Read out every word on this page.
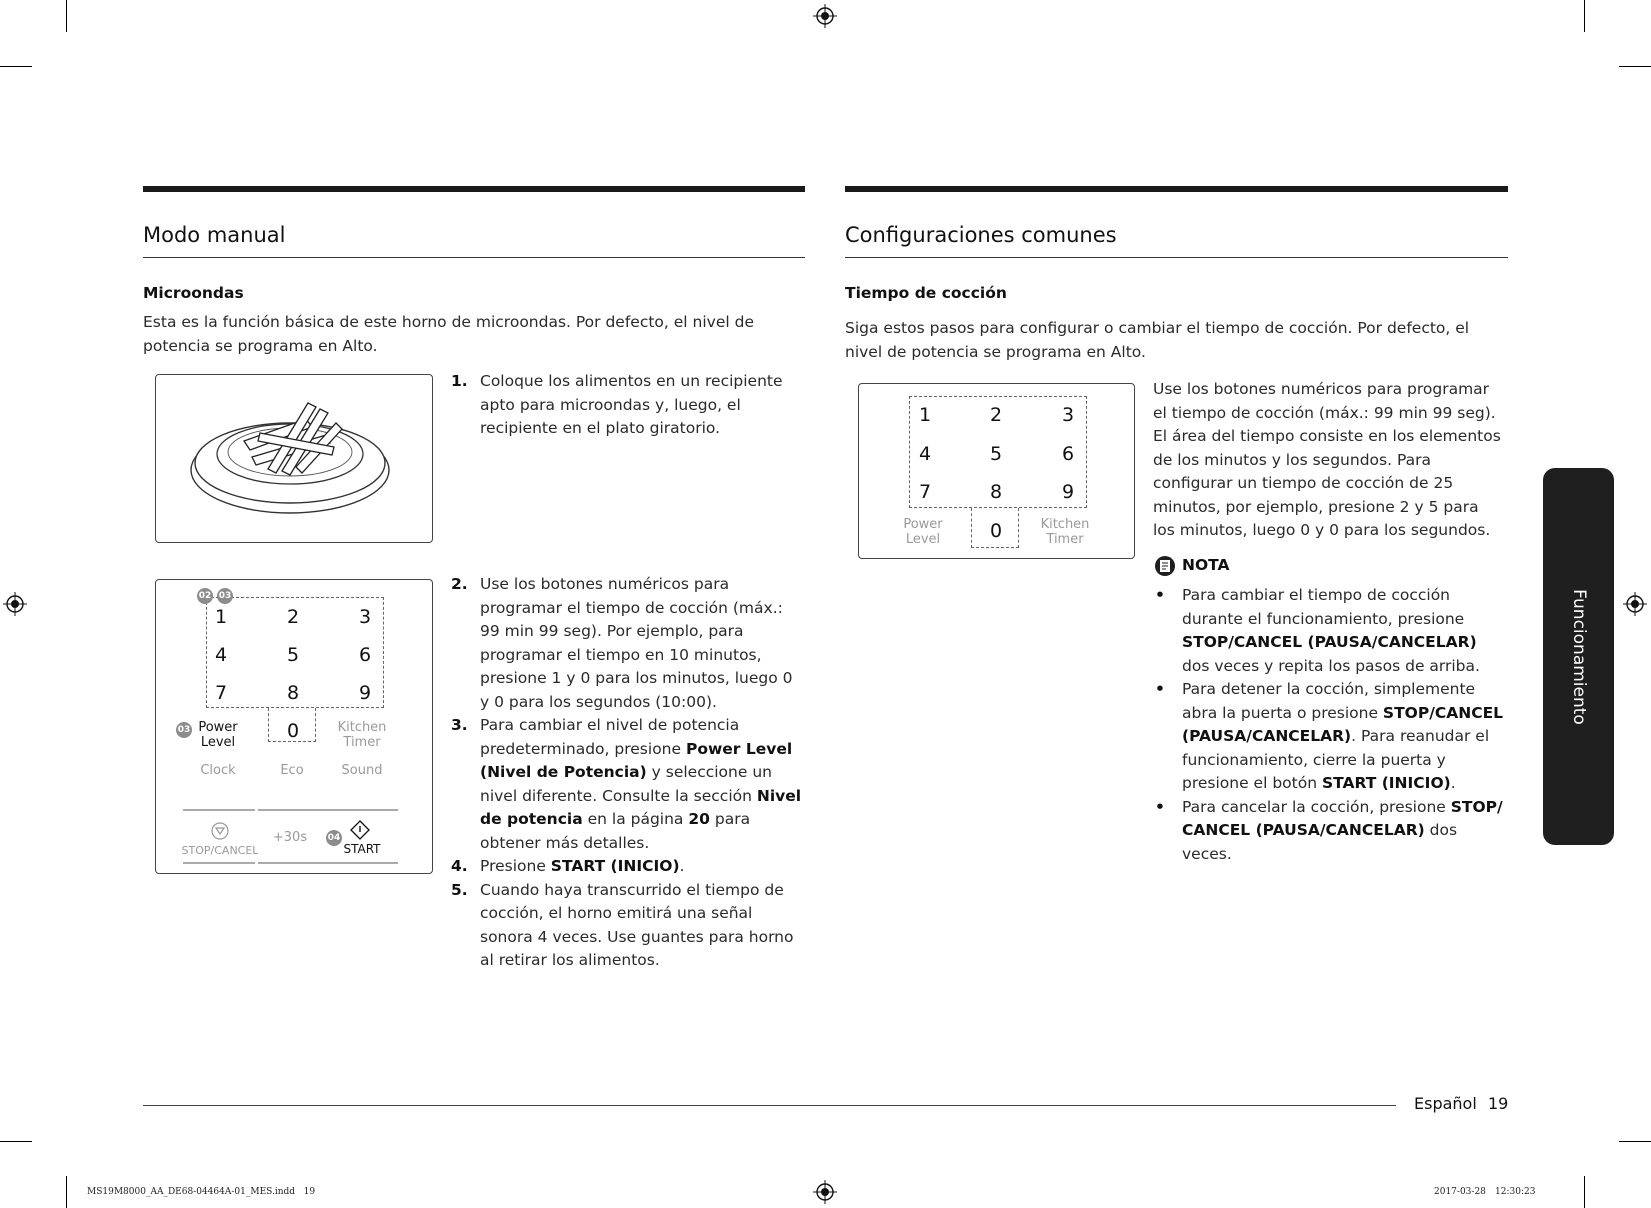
Modo manual

Microondas

Esta es la función básica de este horno de microondas. Por defecto, el nivel de potencia se programa en Alto.

02 03
1	2	3
4	5	6
7	8	9
0
03 Power
Level
Kitchen
Timer
Clock	Eco	Sound
STOP/CANCEL
+30s	04
START
1. Coloque los alimentos en un recipiente apto para microondas y, luego, el recipiente en el plato giratorio.
2. Use los botones numéricos para programar el tiempo de cocción (máx.: 99 min 99 seg). Por ejemplo, para programar el tiempo en 10 minutos, presione 1 y 0 para los minutos, luego 0 y 0 para los segundos (10:00).
3. Para cambiar el nivel de potencia predeterminado, presione Power Level (Nivel de Potencia) y seleccione un nivel diferente. Consulte la sección Nivel de potencia en la página 20 para obtener más detalles.
4. Presione START (INICIO).
5. Cuando haya transcurrido el tiempo de cocción, el horno emitirá una señal sonora 4 veces. Use guantes para horno al retirar los alimentos.
Configuraciones comunes

Tiempo de cocción

Siga estos pasos para configurar o cambiar el tiempo de cocción. Por defecto, el nivel de potencia se programa en Alto.

1	2	3
4	5	6
7	8	9
0
Power
Level
Kitchen
Timer

Use los botones numéricos para programar el tiempo de cocción (máx.: 99 min 99 seg). El área del tiempo consiste en los elementos de los minutos y los segundos. Para configurar un tiempo de cocción de 25 minutos, por ejemplo, presione 2 y 5 para los minutos, luego 0 y 0 para los segundos.

NOTA
• Para cambiar el tiempo de cocción durante el funcionamiento, presione STOP/CANCEL (PAUSA/CANCELAR) dos veces y repita los pasos de arriba.
• Para detener la cocción, simplemente abra la puerta o presione STOP/CANCEL (PAUSA/CANCELAR). Para reanudar el funcionamiento, cierre la puerta y presione el botón START (INICIO).
• Para cancelar la cocción, presione STOP/ CANCEL (PAUSA/CANCELAR) dos veces.
Funcionamiento
Español 19
MS19M8000_AA_DE68-04464A-01_MES.indd   19	2017-03-28 12:30:23
